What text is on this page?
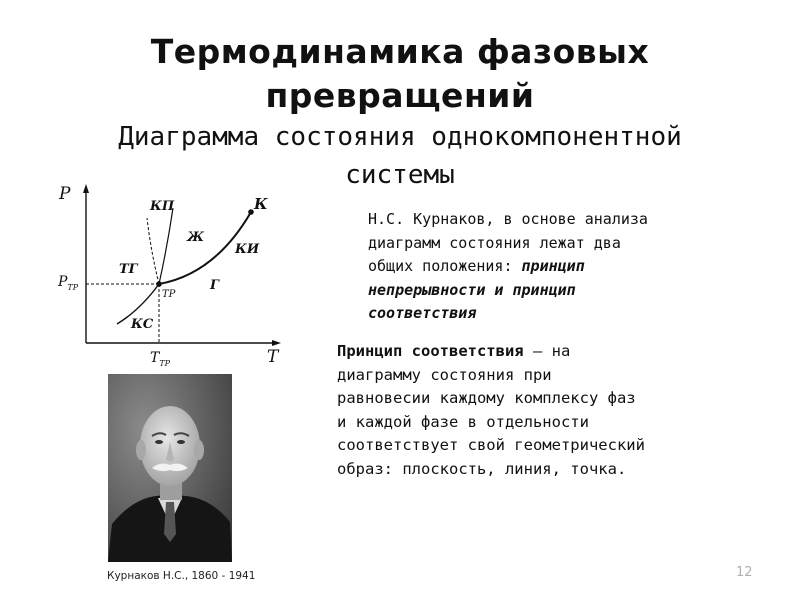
Термодинамика фазовых
превращений
Диаграмма состояния однокомпонентной
системы
P
T
$P_{TP}$
$T_{TP}$
К
КП
Ж
КИ
ТГ
Г
КС
ТР
Н.С. Курнаков, в основе анализа
диаграмм состояния лежат два
общих положения: принцип
непрерывности и принцип
соответствия
Принцип соответствия – на
диаграмму состояния при
равновесии каждому комплексу фаз
и каждой фазе в отдельности
соответствует свой геометрический
образ: плоскость, линия, точка.
Курнаков Н.С., 1860 - 1941	12
